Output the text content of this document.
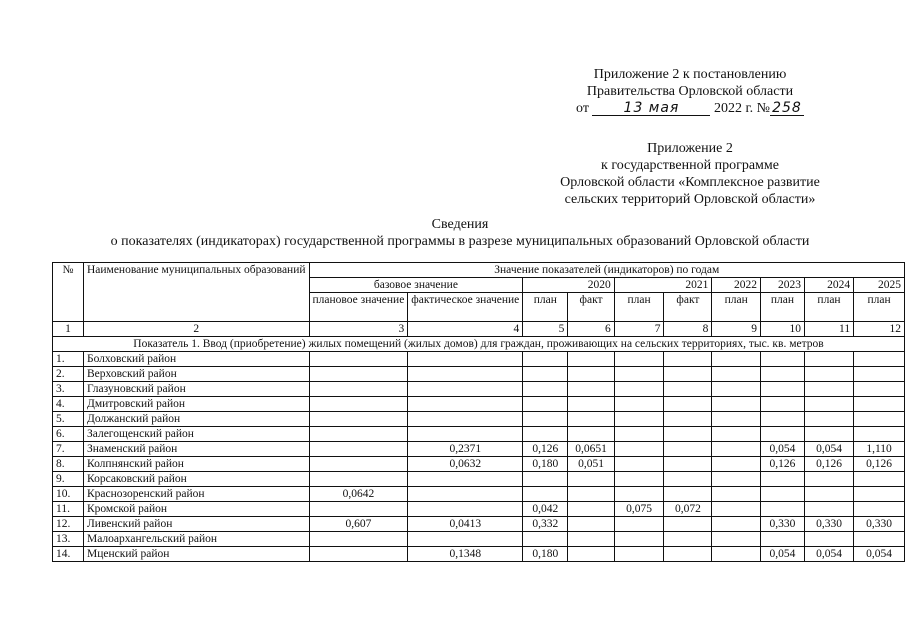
Приложение 2 к постановлению
Правительства Орловской области
от 13 мая 2022 г. № 258
Приложение 2
к государственной программе
Орловской области «Комплексное развитие
сельских территорий Орловской области»
Сведения
о показателях (индикаторах) государственной программы в разрезе муниципальных образований Орловской области
№	Наименование муниципальных образований	Значение показателей (индикаторов) по годам									
		базовое значение		2020		2021		2022	2023	2024	2025
		плановое значение	фактическое значение	план	факт	план	факт	план	план	план	план
1	2	3	4	5	6	7	8	9	10	11	12
Показатель 1. Ввод (приобретение) жилых помещений (жилых домов) для граждан, проживающих на сельских территориях, тыс. кв. метров											
1.	Болховский район										
2.	Верховский район										
3.	Глазуновский район										
4.	Дмитровский район										
5.	Должанский район										
6.	Залегощенский район										
7.	Знаменский район		0,2371	0,126	0,0651				0,054	0,054	1,110
8.	Колпнянский район		0,0632	0,180	0,051				0,126	0,126	0,126
9.	Корсаковский район										
10.	Краснозоренский район	0,0642									
11.	Кромской район			0,042		0,075	0,072				
12.	Ливенский район	0,607	0,0413	0,332					0,330	0,330	0,330
13.	Малоархангельский район										
14.	Мценский район		0,1348	0,180					0,054	0,054	0,054
